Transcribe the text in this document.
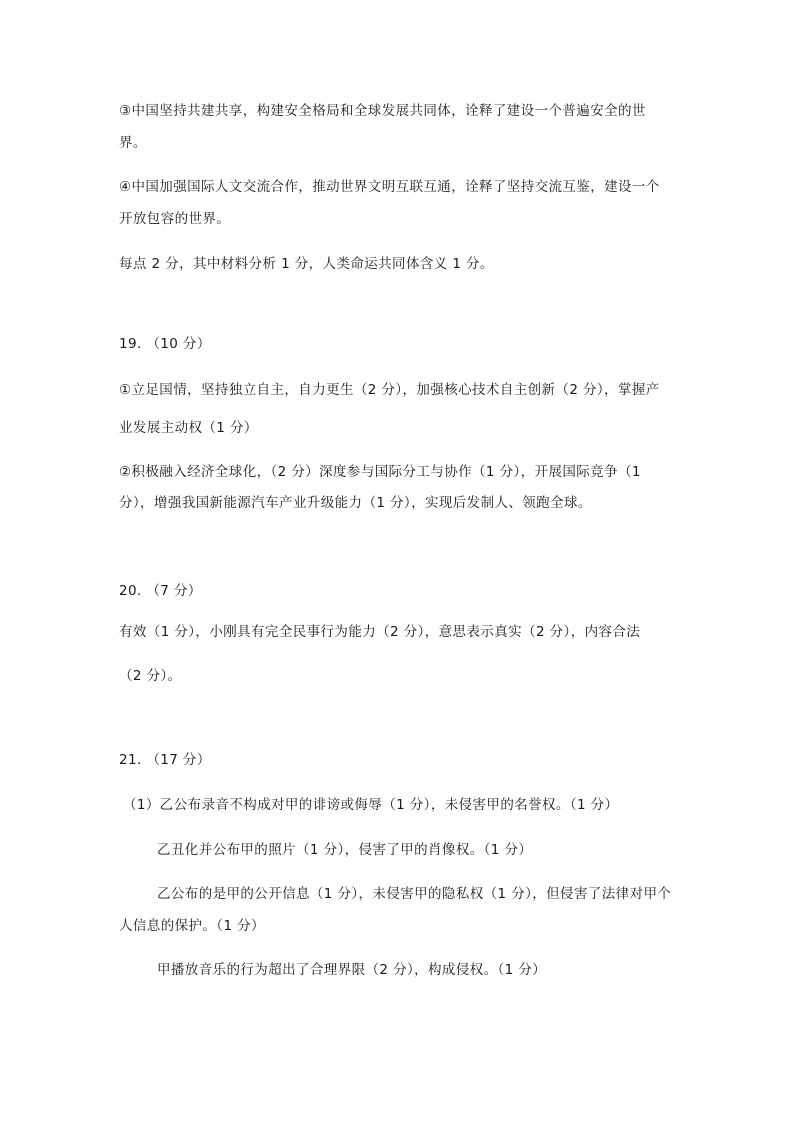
③中国坚持共建共享，构建安全格局和全球发展共同体，诠释了建设一个普遍安全的世
界。
④中国加强国际人文交流合作，推动世界文明互联互通，诠释了坚持交流互鉴，建设一个
开放包容的世界。
每点 2 分，其中材料分析 1 分，人类命运共同体含义 1 分。
19. （10 分）
①立足国情，坚持独立自主，自力更生（2 分），加强核心技术自主创新（2 分），掌握产
业发展主动权（1 分）
②积极融入经济全球化，（2 分）深度参与国际分工与协作（1 分），开展国际竞争（1
分），增强我国新能源汽车产业升级能力（1 分），实现后发制人、领跑全球。
20. （7 分）
有效（1 分），小刚具有完全民事行为能力（2 分），意思表示真实（2 分），内容合法
（2 分）。
21. （17 分）
（1）乙公布录音不构成对甲的诽谤或侮辱（1 分），未侵害甲的名誉权。（1 分）
乙丑化并公布甲的照片（1 分），侵害了甲的肖像权。（1 分）
乙公布的是甲的公开信息（1 分），未侵害甲的隐私权（1 分），但侵害了法律对甲个
人信息的保护。（1 分）
甲播放音乐的行为超出了合理界限（2 分），构成侵权。（1 分）
